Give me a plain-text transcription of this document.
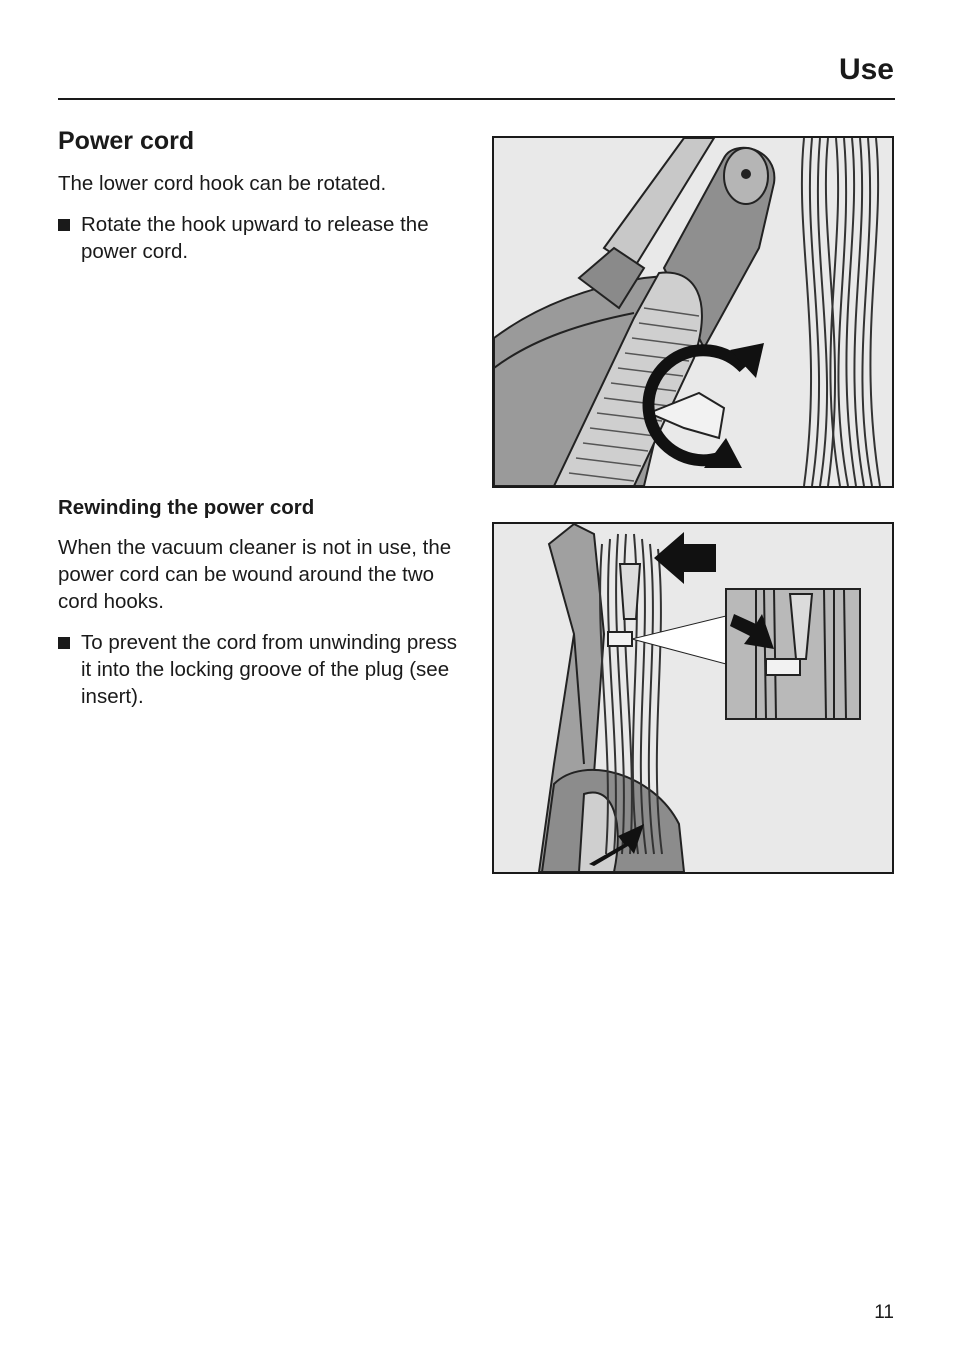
Use
Power cord
The lower cord hook can be rotated.
Rotate the hook upward to release the power cord.
Rewinding the power cord
When the vacuum cleaner is not in use, the power cord can be wound around the two cord hooks.
To prevent the cord from unwinding press it into the locking groove of the plug (see insert).
11
